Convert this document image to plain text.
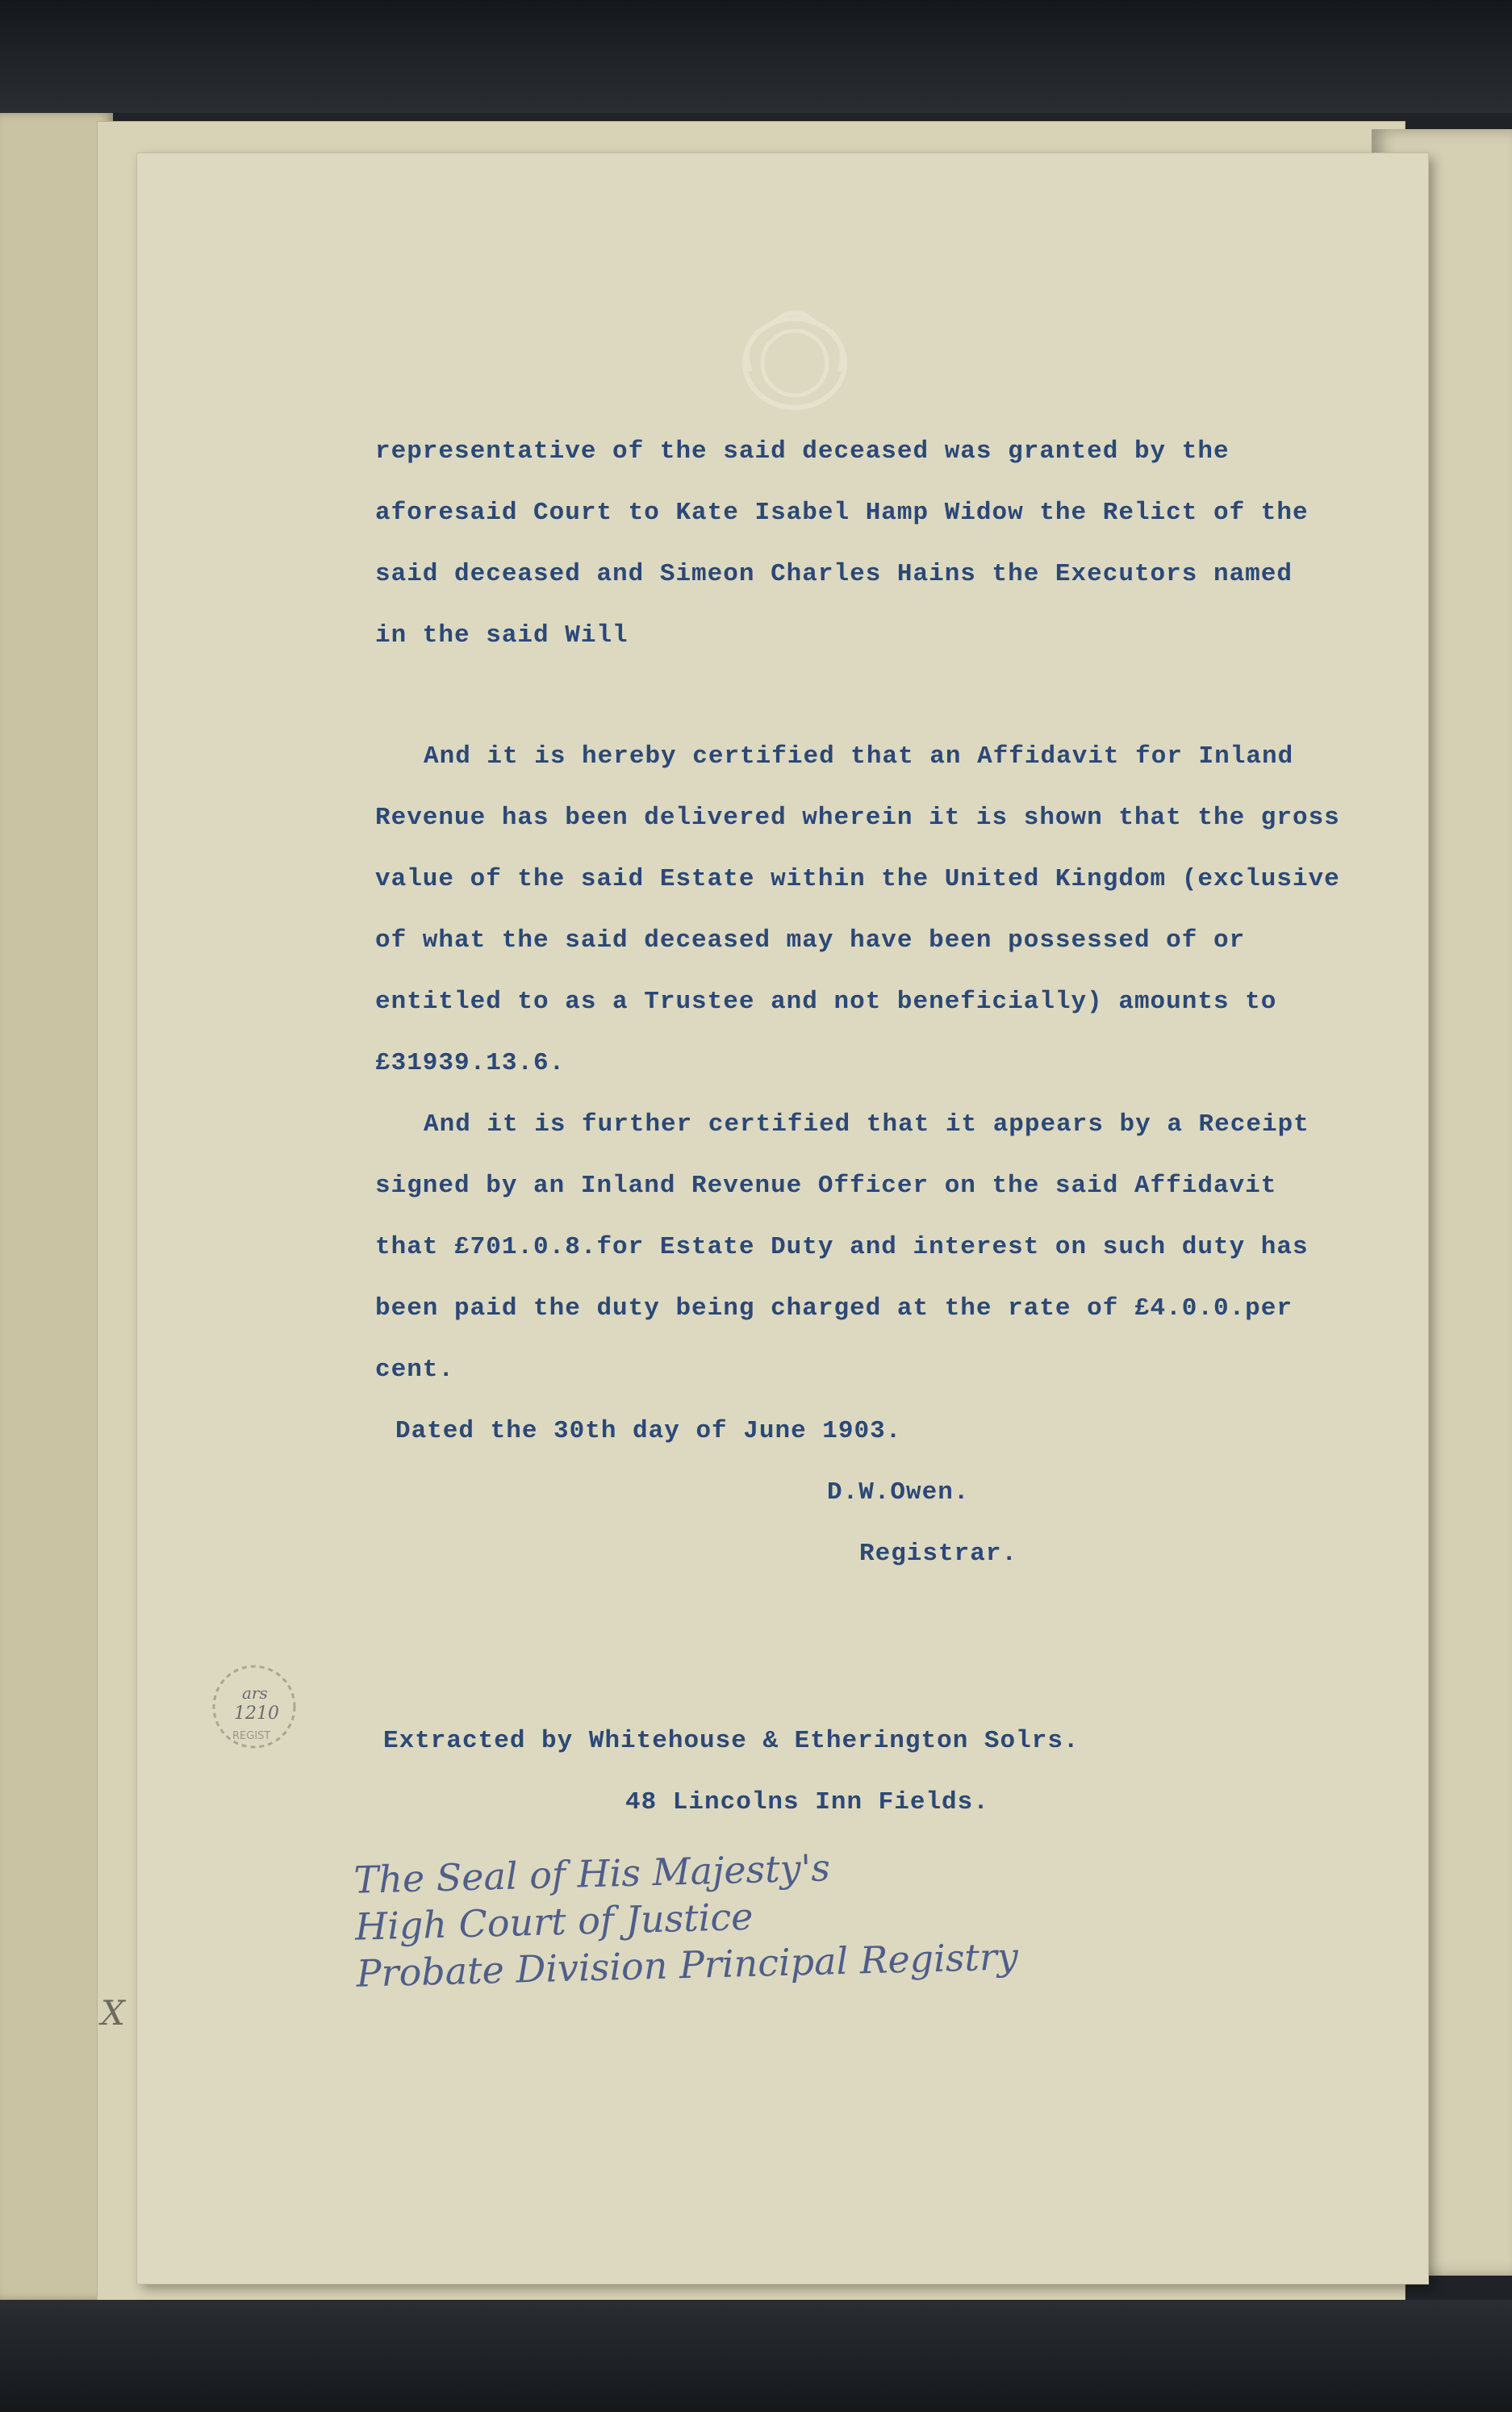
X
representative of the said deceased was granted by the
aforesaid Court to Kate Isabel Hamp Widow the Relict of the
said deceased and Simeon Charles Hains the Executors named
in the said Will
And it is hereby certified that an Affidavit for Inland
Revenue has been delivered wherein it is shown that the gross
value of the said Estate within the United Kingdom (exclusive
of what the said deceased may have been possessed of or
entitled to as a Trustee and not beneficially) amounts to
£31939.13.6.
And it is further certified that it appears by a Receipt
signed by an Inland Revenue Officer on the said Affidavit
that £701.0.8.for Estate Duty and interest on such duty has
been paid the duty being charged at the rate of £4.0.0.per
cent.
Dated the 30th day of June 1903.
D.W.Owen.
Registrar.
ars
1210
REGIST	Extracted by Whitehouse & Etherington Solrs.
48 Lincolns Inn Fields.
The Seal of His Majesty's
High Court of Justice
Probate Division Principal Registry
